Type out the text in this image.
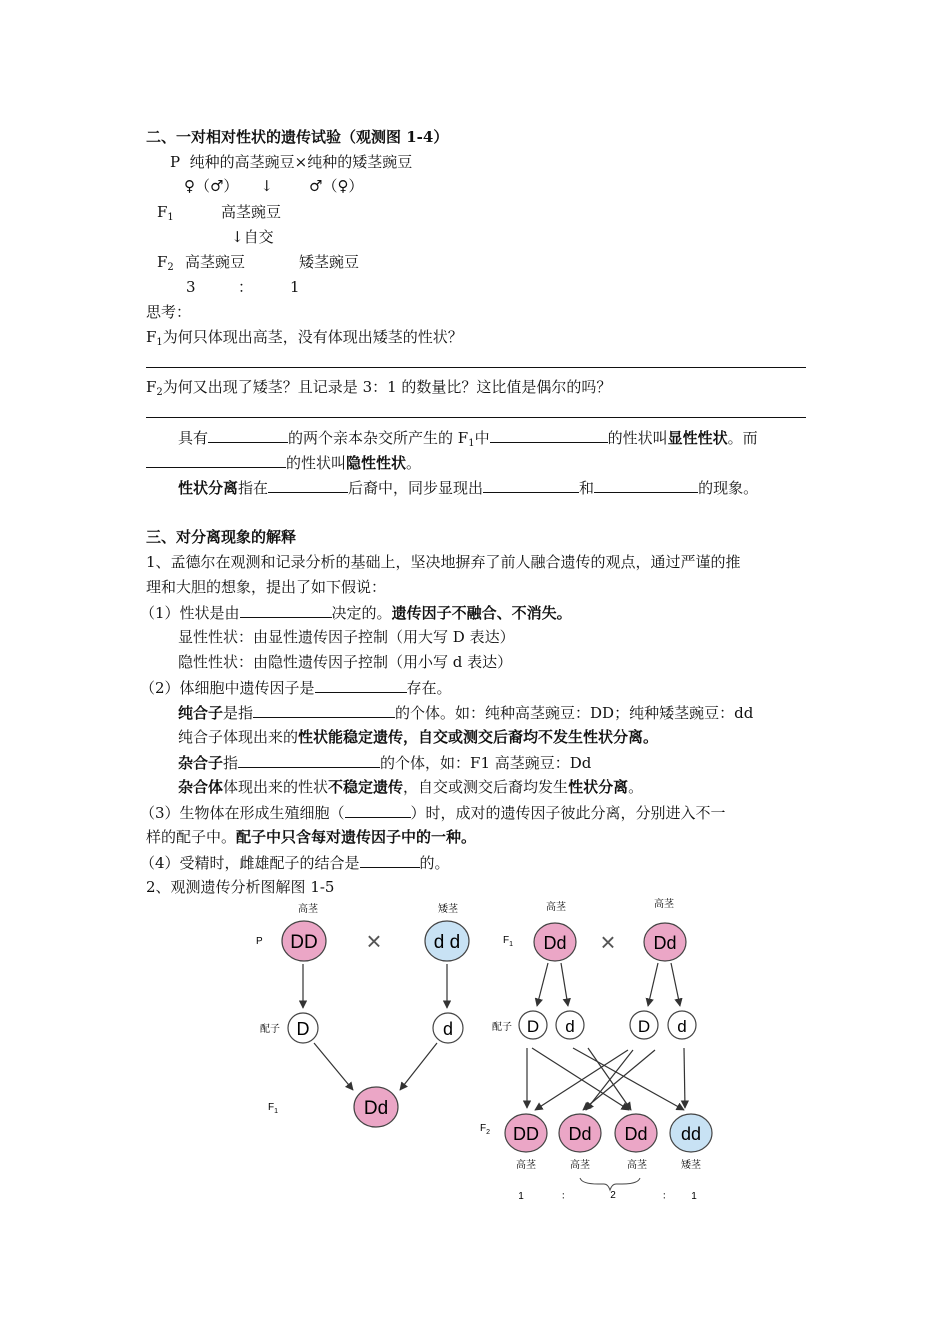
二、一对相对性状的遗传试验（观测图 1-4）
P 纯种的高茎豌豆×纯种的矮茎豌豆
♀（♂） ↓ ♂（♀）
$F_1$	高茎豌豆
↓自交
$F_2$ 高茎豌豆	矮茎豌豆
3	： 1
思考：
$F_1$为何只体现出高茎，没有体现出矮茎的性状？
$F_2$为何又出现了矮茎？且记录是 3：1 的数量比？这比值是偶尔的吗？
具有	的两个亲本杂交所产生的 $F_1$中	的性状叫显性性状。而
的性状叫隐性性状。
性状分离指在	后裔中，同步显现出	和	的现象。
三、对分离现象的解释
1、孟德尔在观测和记录分析的基础上，坚决地摒弃了前人融合遗传的观点，通过严谨的推
理和大胆的想象，提出了如下假说：
（1）性状是由	决定的。遗传因子不融合、不消失。
显性性状：由显性遗传因子控制（用大写 D 表达）
隐性性状：由隐性遗传因子控制（用小写 d 表达）
（2）体细胞中遗传因子是	存在。
纯合子是指	的个体。如：纯种高茎豌豆：DD；纯种矮茎豌豆：dd
纯合子体现出来的性状能稳定遗传，自交或测交后裔均不发生性状分离。
杂合子指	的个体，如：F1 高茎豌豆：Dd
杂合体体现出来的性状不稳定遗传，自交或测交后裔均发生性状分离。
（3）生物体在形成生殖细胞（	）时，成对的遗传因子彼此分离，分别进入不一
样的配子中。配子中只含每对遗传因子中的一种。
（4）受精时，雌雄配子的结合是	的。
2、观测遗传分析图解图 1-5
高茎	矮茎
P DD ×	d d
配子 D	d
$F_1$	Dd
高茎	高茎
$F_1$ Dd × Dd
配子 D d	D d
$F_2$ DD Dd Dd dd
高茎	高茎	高茎	矮茎
1	：	2	： 1
